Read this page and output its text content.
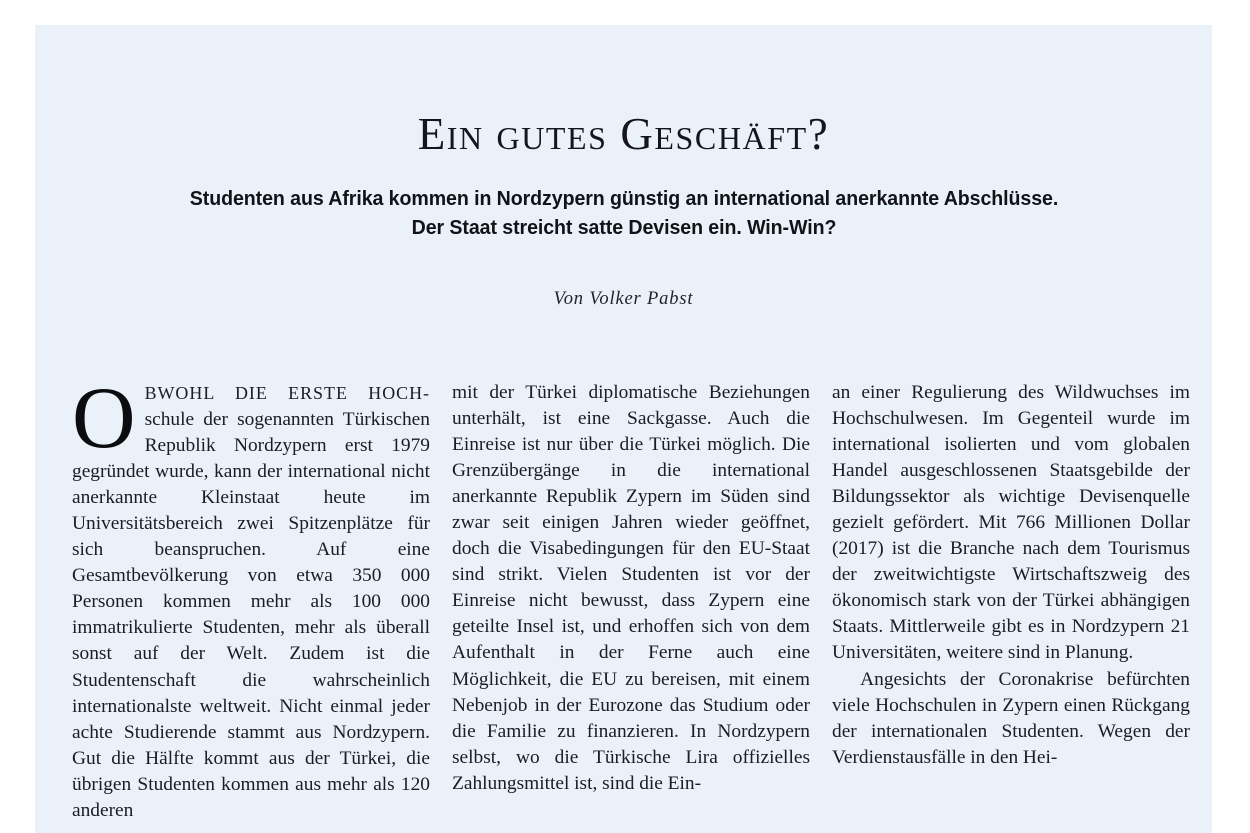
Ein gutes Geschäft?
Studenten aus Afrika kommen in Nordzypern günstig an international anerkannte Abschlüsse.
Der Staat streicht satte Devisen ein. Win-Win?
Von Volker Pabst

OBWOHL DIE ERSTE HOCH-schule der sogenannten Türkischen Republik Nordzypern erst 1979 gegründet wurde, kann der international nicht anerkannte Kleinstaat heute im Universitätsbereich zwei Spitzenplätze für sich beanspruchen. Auf eine Gesamtbevölkerung von etwa 350 000 Personen kommen mehr als 100 000 immatrikulierte Studenten, mehr als überall sonst auf der Welt. Zudem ist die Studentenschaft die wahrscheinlich internationalste weltweit. Nicht einmal jeder achte Studierende stammt aus Nordzypern. Gut die Hälfte kommt aus der Türkei, die übrigen Studenten kommen aus mehr als 120 anderen

mit der Türkei diplomatische Beziehungen unterhält, ist eine Sackgasse. Auch die Einreise ist nur über die Türkei möglich. Die Grenzübergänge in die international anerkannte Republik Zypern im Süden sind zwar seit einigen Jahren wieder geöffnet, doch die Visabedingungen für den EU-Staat sind strikt. Vielen Studenten ist vor der Einreise nicht bewusst, dass Zypern eine geteilte Insel ist, und erhoffen sich von dem Aufenthalt in der Ferne auch eine Möglichkeit, die EU zu bereisen, mit einem Nebenjob in der Eurozone das Studium oder die Familie zu finanzieren. In Nordzypern selbst, wo die Türkische Lira offizielles Zahlungsmittel ist, sind die Ein-

an einer Regulierung des Wildwuchses im Hochschulwesen. Im Gegenteil wurde im international isolierten und vom globalen Handel ausgeschlossenen Staatsgebilde der Bildungssektor als wichtige Devisenquelle gezielt gefördert. Mit 766 Millionen Dollar (2017) ist die Branche nach dem Tourismus der zweitwichtigste Wirtschaftszweig des ökonomisch stark von der Türkei abhängigen Staats. Mittlerweile gibt es in Nordzypern 21 Universitäten, weitere sind in Planung.

Angesichts der Coronakrise befürchten viele Hochschulen in Zypern einen Rückgang der internationalen Studenten. Wegen der Verdienstausfälle in den Hei-
